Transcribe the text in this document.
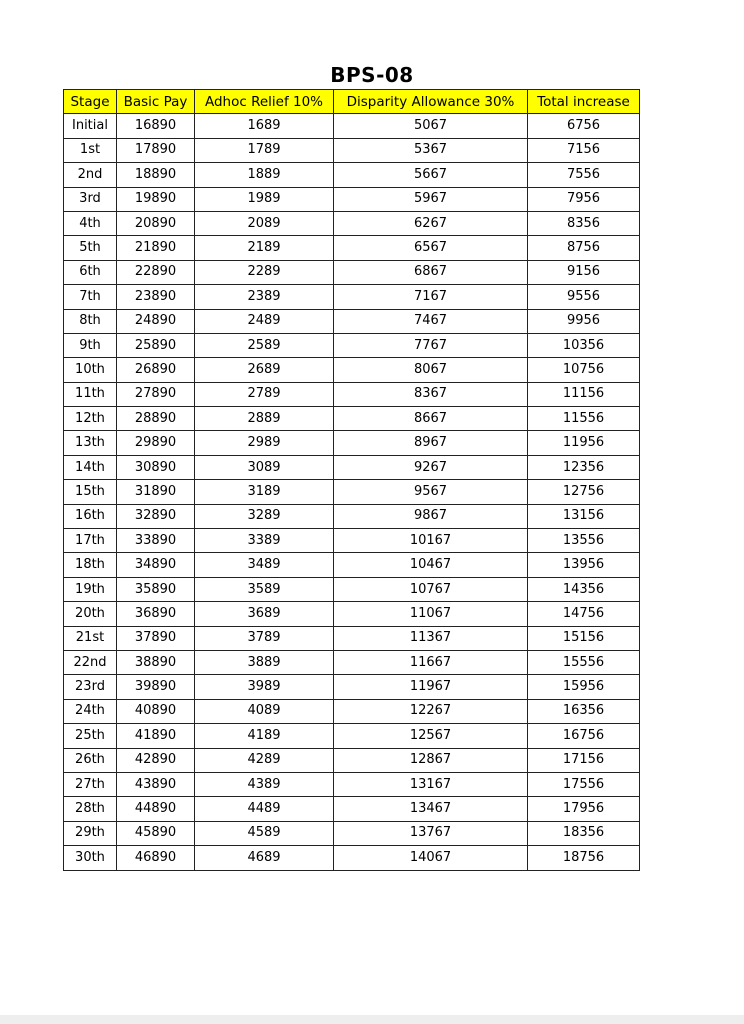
BPS-08
Stage	Basic Pay	Adhoc Relief 10%	Disparity Allowance 30%	Total increase
Initial	16890	1689	5067	6756
1st	17890	1789	5367	7156
2nd	18890	1889	5667	7556
3rd	19890	1989	5967	7956
4th	20890	2089	6267	8356
5th	21890	2189	6567	8756
6th	22890	2289	6867	9156
7th	23890	2389	7167	9556
8th	24890	2489	7467	9956
9th	25890	2589	7767	10356
10th	26890	2689	8067	10756
11th	27890	2789	8367	11156
12th	28890	2889	8667	11556
13th	29890	2989	8967	11956
14th	30890	3089	9267	12356
15th	31890	3189	9567	12756
16th	32890	3289	9867	13156
17th	33890	3389	10167	13556
18th	34890	3489	10467	13956
19th	35890	3589	10767	14356
20th	36890	3689	11067	14756
21st	37890	3789	11367	15156
22nd	38890	3889	11667	15556
23rd	39890	3989	11967	15956
24th	40890	4089	12267	16356
25th	41890	4189	12567	16756
26th	42890	4289	12867	17156
27th	43890	4389	13167	17556
28th	44890	4489	13467	17956
29th	45890	4589	13767	18356
30th	46890	4689	14067	18756
